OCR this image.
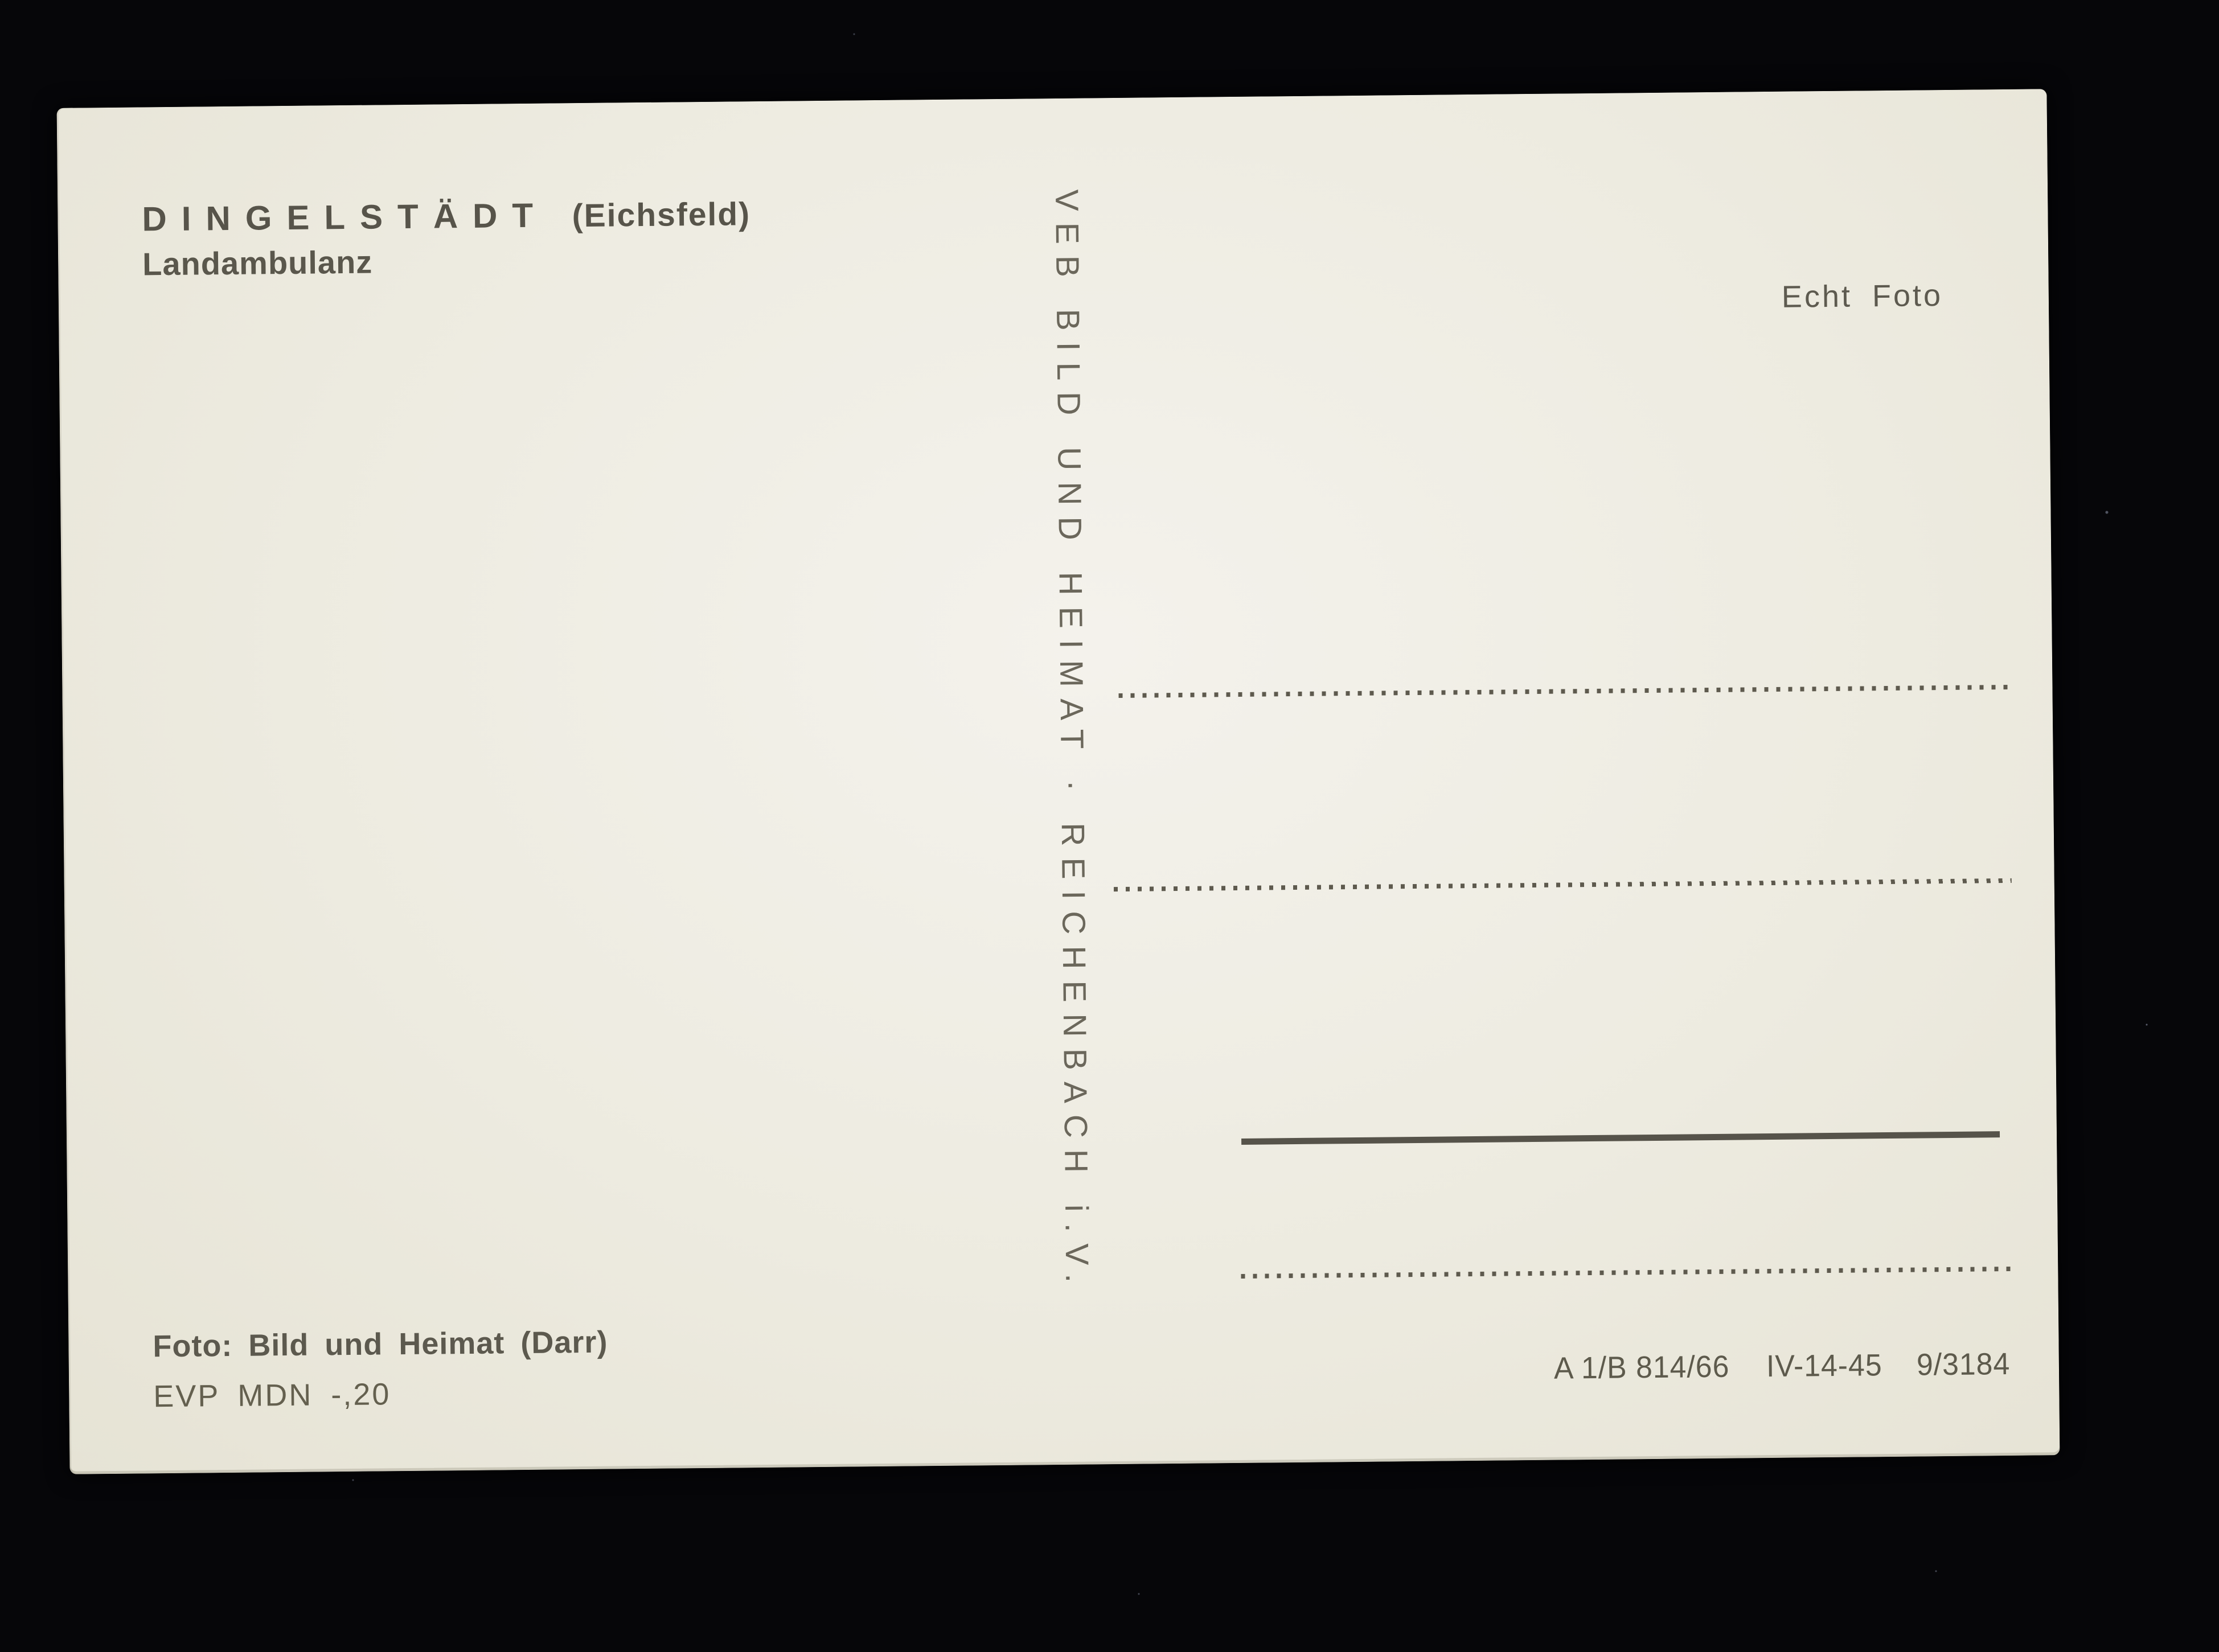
DINGELSTÄDT (Eichsfeld)
Landambulanz
Echt Foto
VEB BILD UND HEIMAT · REICHENBACH i.V.
Foto: Bild und Heimat (Darr)
EVP MDN -,20
A 1/B 814/66 IV-14-45 9/3184
